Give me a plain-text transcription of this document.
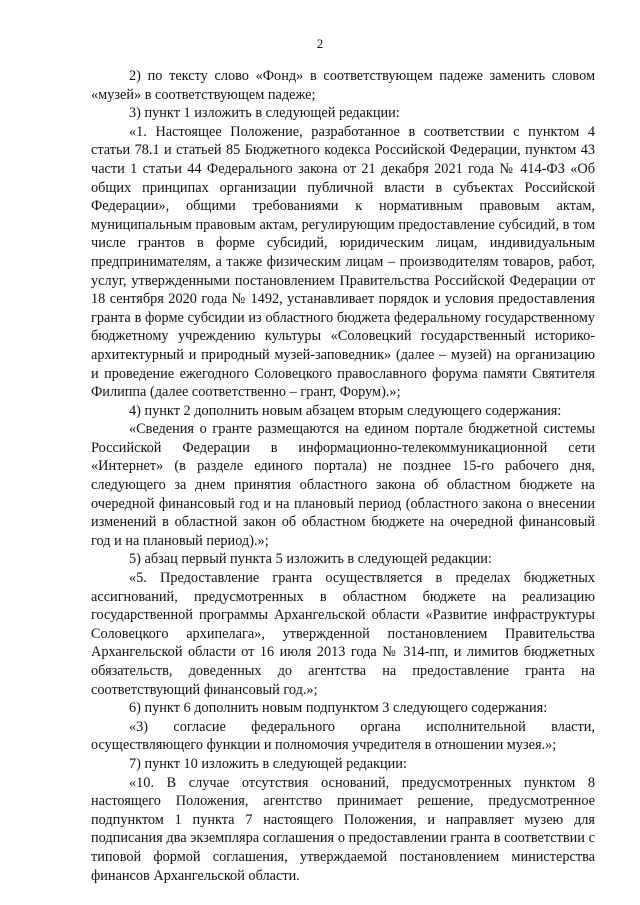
2

2) по тексту слово «Фонд» в соответствующем падеже заменить словом «музей» в соответствующем падеже;

3) пункт 1 изложить в следующей редакции:

«1. Настоящее Положение, разработанное в соответствии с пунктом 4 статьи 78.1 и статьей 85 Бюджетного кодекса Российской Федерации, пунктом 43 части 1 статьи 44 Федерального закона от 21 декабря 2021 года № 414-ФЗ «Об общих принципах организации публичной власти в субъектах Российской Федерации», общими требованиями к нормативным правовым актам, муниципальным правовым актам, регулирующим предоставление субсидий, в том числе грантов в форме субсидий, юридическим лицам, индивидуальным предпринимателям, а также физическим лицам – производителям товаров, работ, услуг, утвержденными постановлением Правительства Российской Федерации от 18 сентября 2020 года № 1492, устанавливает порядок и условия предоставления гранта в форме субсидии из областного бюджета федеральному государственному бюджетному учреждению культуры «Соловецкий государственный историко-архитектурный и природный музей-заповедник» (далее – музей) на организацию и проведение ежегодного Соловецкого православного форума памяти Святителя Филиппа (далее соответственно – грант, Форум).»;

4) пункт 2 дополнить новым абзацем вторым следующего содержания:

«Сведения о гранте размещаются на едином портале бюджетной системы Российской Федерации в информационно-телекоммуникационной сети «Интернет» (в разделе единого портала) не позднее 15-го рабочего дня, следующего за днем принятия областного закона об областном бюджете на очередной финансовый год и на плановый период (областного закона о внесении изменений в областной закон об областном бюджете на очередной финансовый год и на плановый период).»;

5) абзац первый пункта 5 изложить в следующей редакции:

«5. Предоставление гранта осуществляется в пределах бюджетных ассигнований, предусмотренных в областном бюджете на реализацию государственной программы Архангельской области «Развитие инфраструктуры Соловецкого архипелага», утвержденной постановлением Правительства Архангельской области от 16 июля 2013 года № 314-пп, и лимитов бюджетных обязательств, доведенных до агентства на предоставление гранта на соответствующий финансовый год.»;

6) пункт 6 дополнить новым подпунктом 3 следующего содержания:

«3) согласие федерального органа исполнительной власти, осуществляющего функции и полномочия учредителя в отношении музея.»;

7) пункт 10 изложить в следующей редакции:

«10. В случае отсутствия оснований, предусмотренных пунктом 8 настоящего Положения, агентство принимает решение, предусмотренное подпунктом 1 пункта 7 настоящего Положения, и направляет музею для подписания два экземпляра соглашения о предоставлении гранта в соответствии с типовой формой соглашения, утверждаемой постановлением министерства финансов Архангельской области.
